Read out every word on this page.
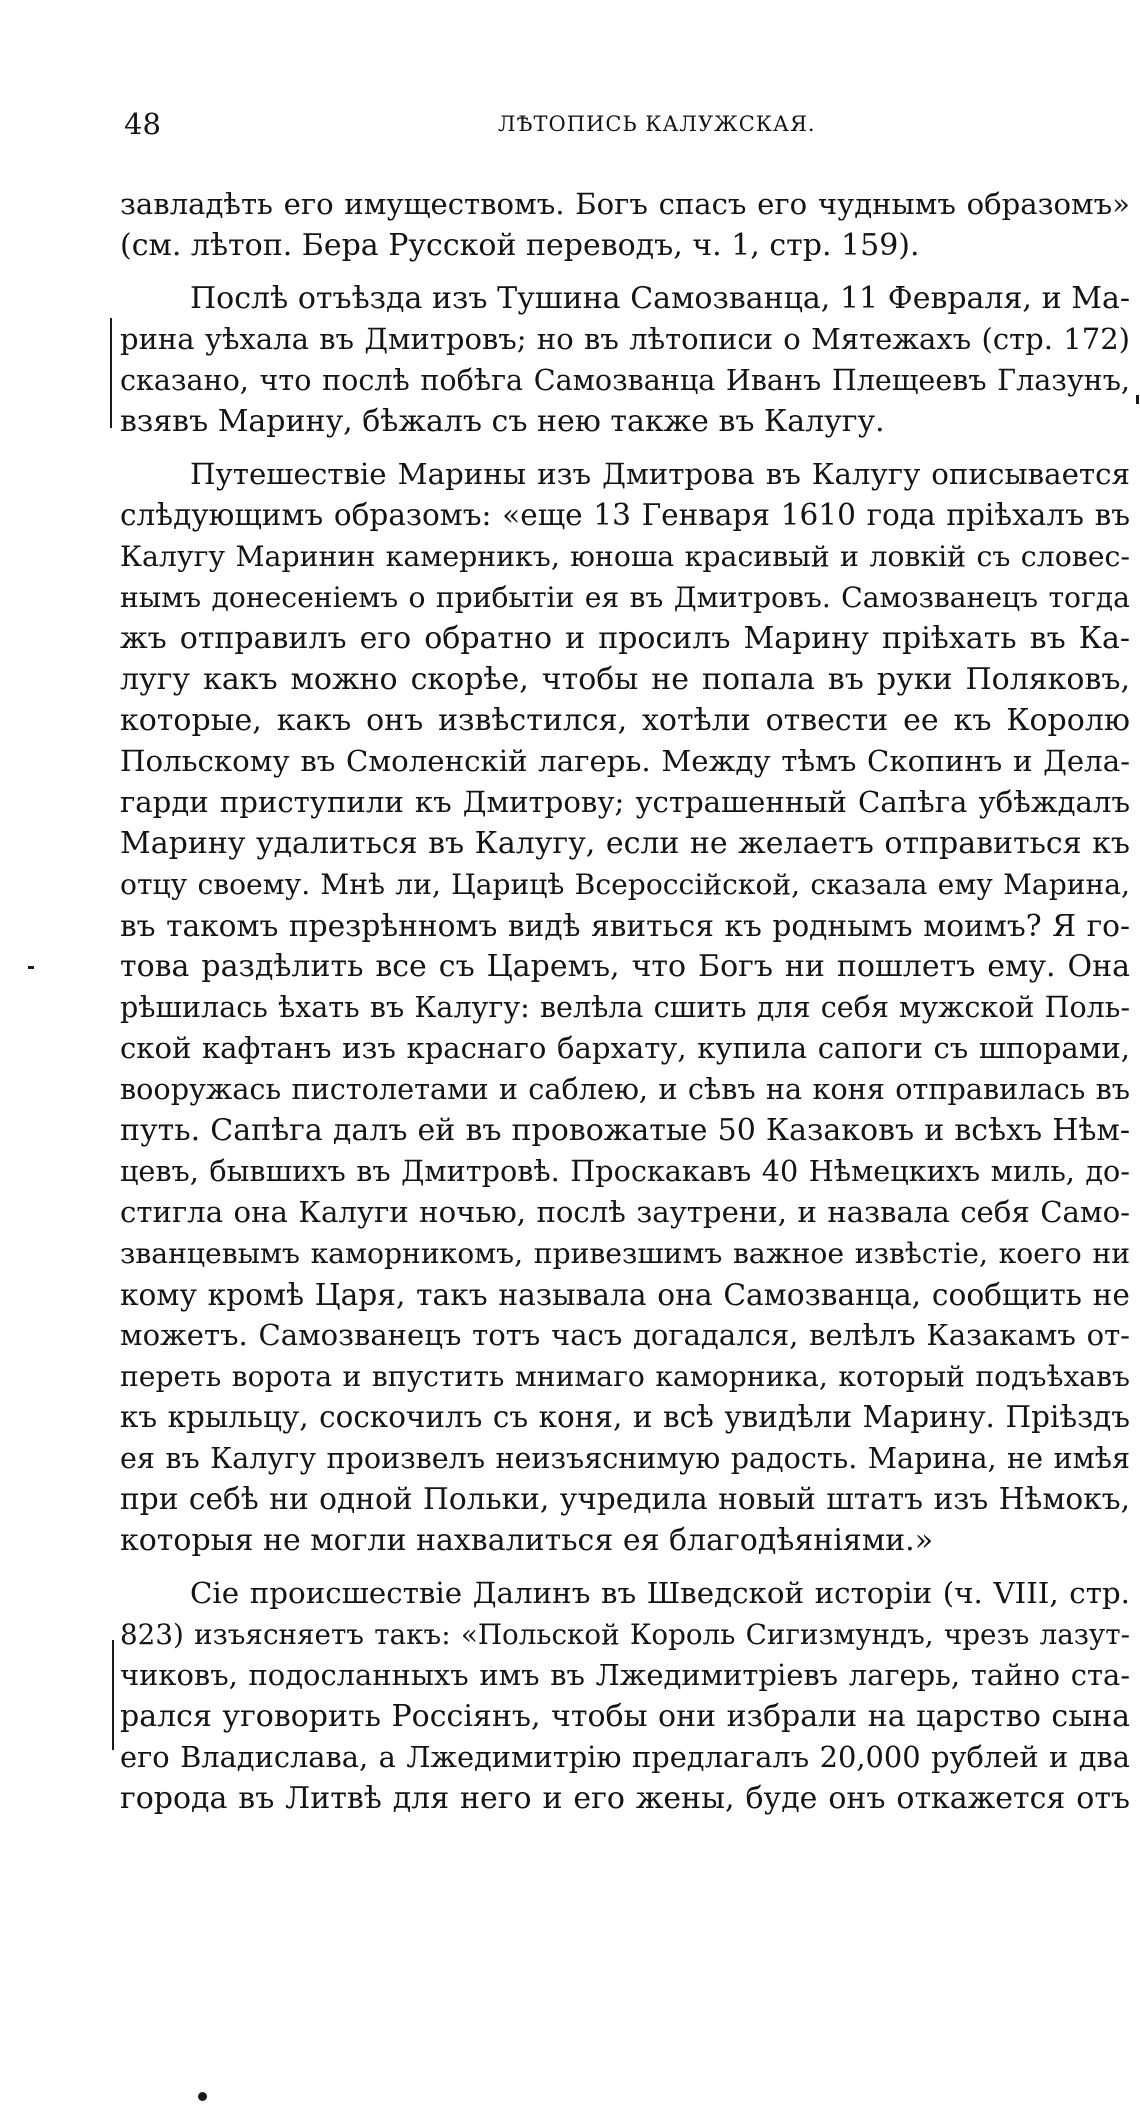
48	ЛѢТОПИСЬ КАЛУЖСКАЯ.
завладѣть его имуществомъ. Богъ спасъ его чуднымъ образомъ»
(см. лѣтоп. Бера Русской переводъ, ч. 1, стр. 159).
Послѣ отъѣзда изъ Тушина Самозванца, 11 Февраля, и Ма-
рина уѣхала въ Дмитровъ; но въ лѣтописи о Мятежахъ (стр. 172)
сказано, что послѣ побѣга Самозванца Иванъ Плещеевъ Глазунъ,
взявъ Марину, бѣжалъ съ нею также въ Калугу.
Путешествіе Марины изъ Дмитрова въ Калугу описывается
слѣдующимъ образомъ: «еще 13 Генваря 1610 года пріѣхалъ въ
Калугу Маринин камерникъ, юноша красивый и ловкій съ словес-
нымъ донесеніемъ о прибытіи ея въ Дмитровъ. Самозванецъ тогда
жъ отправилъ его обратно и просилъ Марину пріѣхать въ Ка-
лугу какъ можно скорѣе, чтобы не попала въ руки Поляковъ,
которые, какъ онъ извѣстился, хотѣли отвести ее къ Королю
Польскому въ Смоленскій лагерь. Между тѣмъ Скопинъ и Дела-
гарди приступили къ Дмитрову; устрашенный Сапѣга убѣждалъ
Марину удалиться въ Калугу, если не желаетъ отправиться къ
отцу своему. Мнѣ ли, Царицѣ Всероссійской, сказала ему Марина,
въ такомъ презрѣнномъ видѣ явиться къ роднымъ моимъ? Я го-
това раздѣлить все съ Царемъ, что Богъ ни пошлетъ ему. Она
рѣшилась ѣхать въ Калугу: велѣла сшить для себя мужской Поль-
ской кафтанъ изъ краснаго бархату, купила сапоги съ шпорами,
вооружась пистолетами и саблею, и сѣвъ на коня отправилась въ
путь. Сапѣга далъ ей въ провожатые 50 Казаковъ и всѣхъ Нѣм-
цевъ, бывшихъ въ Дмитровѣ. Проскакавъ 40 Нѣмецкихъ миль, до-
стигла она Калуги ночью, послѣ заутрени, и назвала себя Само-
званцевымъ каморникомъ, привезшимъ важное извѣстіе, коего ни
кому кромѣ Царя, такъ называла она Самозванца, сообщить не
можетъ. Самозванецъ тотъ часъ догадался, велѣлъ Казакамъ от-
переть ворота и впустить мнимаго каморника, который подъѣхавъ
къ крыльцу, соскочилъ съ коня, и всѣ увидѣли Марину. Пріѣздъ
ея въ Калугу произвелъ неизъяснимую радость. Марина, не имѣя
при себѣ ни одной Польки, учредила новый штатъ изъ Нѣмокъ,
которыя не могли нахвалиться ея благодѣяніями.»
Сіе происшествіе Далинъ въ Шведской исторіи (ч. VIII, стр.
823) изъясняетъ такъ: «Польской Король Сигизмундъ, чрезъ лазут-
чиковъ, подосланныхъ имъ въ Лжедимитріевъ лагерь, тайно ста-
рался уговорить Россіянъ, чтобы они избрали на царство сына
его Владислава, а Лжедимитрію предлагалъ 20,000 рублей и два
города въ Литвѣ для него и его жены, буде онъ откажется отъ
